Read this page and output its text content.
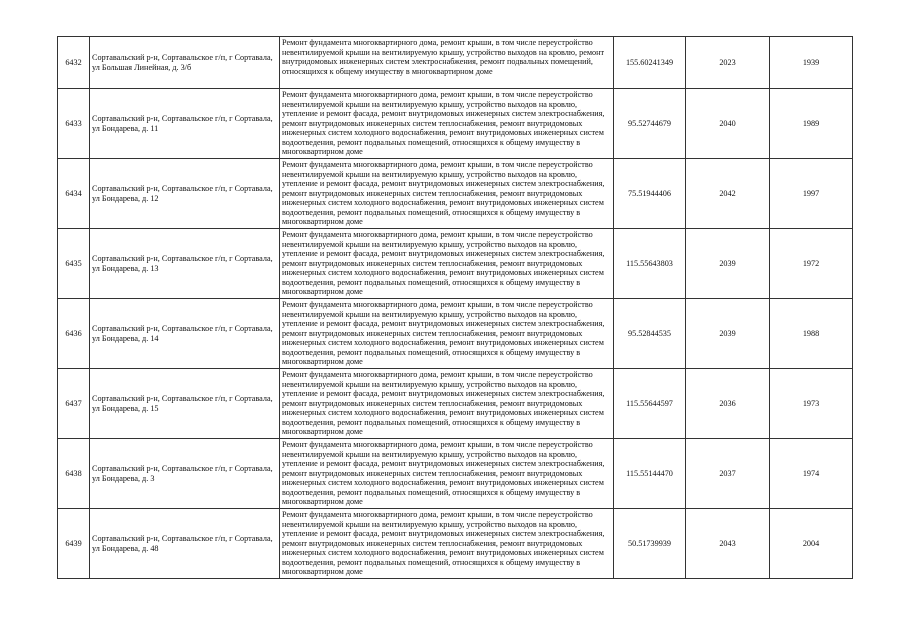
6432	Сортавальский р-н, Сортавальское г/п, г Сортавала, ул Большая Линейная, д. 3/б	Ремонт фундамента многоквартирного дома, ремонт крыши, в том числе переустройство невентилируемой крыши на вентилируемую крышу, устройство выходов на кровлю, ремонт внутридомовых инженерных систем электроснабжения, ремонт подвальных помещений, относящихся к общему имуществу в многоквартирном доме	155.60241349	2023	1939
6433	Сортавальский р-н, Сортавальское г/п, г Сортавала, ул Бондарева, д. 11	Ремонт фундамента многоквартирного дома, ремонт крыши, в том числе переустройство невентилируемой крыши на вентилируемую крышу, устройство выходов на кровлю, утепление и ремонт фасада, ремонт внутридомовых инженерных систем электроснабжения, ремонт внутридомовых инженерных систем теплоснабжения, ремонт внутридомовых инженерных систем холодного водоснабжения, ремонт внутридомовых инженерных систем водоотведения, ремонт подвальных помещений, относящихся к общему имуществу в многоквартирном доме	95.52744679	2040	1989
6434	Сортавальский р-н, Сортавальское г/п, г Сортавала, ул Бондарева, д. 12	Ремонт фундамента многоквартирного дома, ремонт крыши, в том числе переустройство невентилируемой крыши на вентилируемую крышу, устройство выходов на кровлю, утепление и ремонт фасада, ремонт внутридомовых инженерных систем электроснабжения, ремонт внутридомовых инженерных систем теплоснабжения, ремонт внутридомовых инженерных систем холодного водоснабжения, ремонт внутридомовых инженерных систем водоотведения, ремонт подвальных помещений, относящихся к общему имуществу в многоквартирном доме	75.51944406	2042	1997
6435	Сортавальский р-н, Сортавальское г/п, г Сортавала, ул Бондарева, д. 13	Ремонт фундамента многоквартирного дома, ремонт крыши, в том числе переустройство невентилируемой крыши на вентилируемую крышу, устройство выходов на кровлю, утепление и ремонт фасада, ремонт внутридомовых инженерных систем электроснабжения, ремонт внутридомовых инженерных систем теплоснабжения, ремонт внутридомовых инженерных систем холодного водоснабжения, ремонт внутридомовых инженерных систем водоотведения, ремонт подвальных помещений, относящихся к общему имуществу в многоквартирном доме	115.55643803	2039	1972
6436	Сортавальский р-н, Сортавальское г/п, г Сортавала, ул Бондарева, д. 14	Ремонт фундамента многоквартирного дома, ремонт крыши, в том числе переустройство невентилируемой крыши на вентилируемую крышу, устройство выходов на кровлю, утепление и ремонт фасада, ремонт внутридомовых инженерных систем электроснабжения, ремонт внутридомовых инженерных систем теплоснабжения, ремонт внутридомовых инженерных систем холодного водоснабжения, ремонт внутридомовых инженерных систем водоотведения, ремонт подвальных помещений, относящихся к общему имуществу в многоквартирном доме	95.52844535	2039	1988
6437	Сортавальский р-н, Сортавальское г/п, г Сортавала, ул Бондарева, д. 15	Ремонт фундамента многоквартирного дома, ремонт крыши, в том числе переустройство невентилируемой крыши на вентилируемую крышу, устройство выходов на кровлю, утепление и ремонт фасада, ремонт внутридомовых инженерных систем электроснабжения, ремонт внутридомовых инженерных систем теплоснабжения, ремонт внутридомовых инженерных систем холодного водоснабжения, ремонт внутридомовых инженерных систем водоотведения, ремонт подвальных помещений, относящихся к общему имуществу в многоквартирном доме	115.55644597	2036	1973
6438	Сортавальский р-н, Сортавальское г/п, г Сортавала, ул Бондарева, д. 3	Ремонт фундамента многоквартирного дома, ремонт крыши, в том числе переустройство невентилируемой крыши на вентилируемую крышу, устройство выходов на кровлю, утепление и ремонт фасада, ремонт внутридомовых инженерных систем электроснабжения, ремонт внутридомовых инженерных систем теплоснабжения, ремонт внутридомовых инженерных систем холодного водоснабжения, ремонт внутридомовых инженерных систем водоотведения, ремонт подвальных помещений, относящихся к общему имуществу в многоквартирном доме	115.55144470	2037	1974
6439	Сортавальский р-н, Сортавальское г/п, г Сортавала, ул Бондарева, д. 48	Ремонт фундамента многоквартирного дома, ремонт крыши, в том числе переустройство невентилируемой крыши на вентилируемую крышу, устройство выходов на кровлю, утепление и ремонт фасада, ремонт внутридомовых инженерных систем электроснабжения, ремонт внутридомовых инженерных систем теплоснабжения, ремонт внутридомовых инженерных систем холодного водоснабжения, ремонт внутридомовых инженерных систем водоотведения, ремонт подвальных помещений, относящихся к общему имуществу в многоквартирном доме	50.51739939	2043	2004
